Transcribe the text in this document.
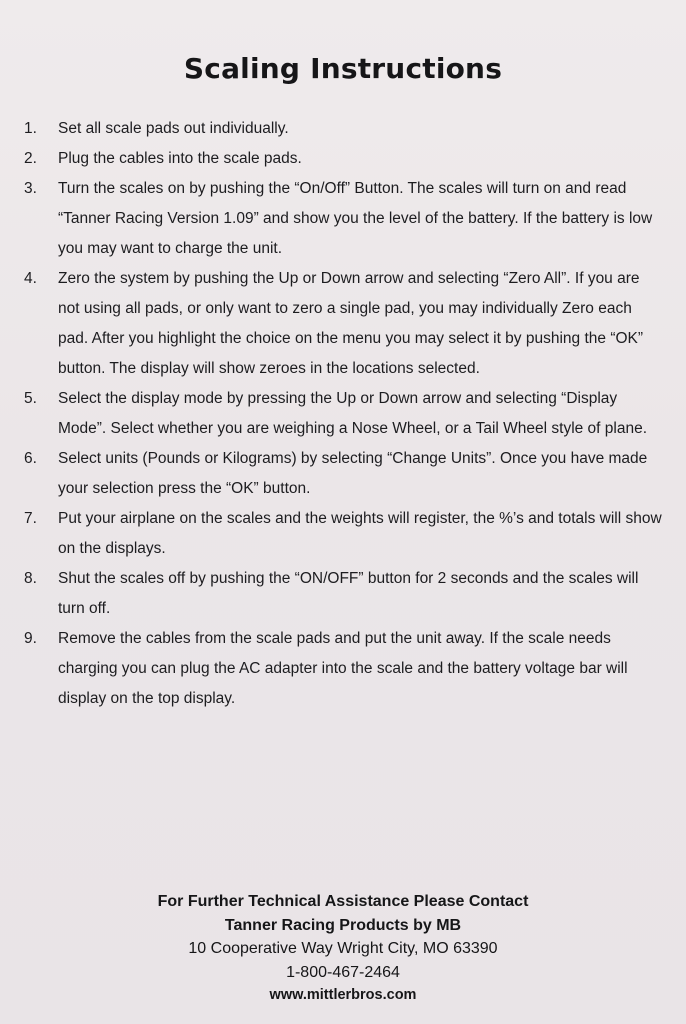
Scaling Instructions
1.	Set all scale pads out individually.
2.	Plug the cables into the scale pads.
3.	Turn the scales on by pushing the “On/Off” Button. The scales will turn on and read “Tanner Racing Version 1.09” and show you the level of the battery. If the battery is low you may want to charge the unit.
4.	Zero the system by pushing the Up or Down arrow and selecting “Zero All”. If you are not using all pads, or only want to zero a single pad, you may individually Zero each pad. After you highlight the choice on the menu you may select it by pushing the “OK” button. The display will show zeroes in the locations selected.
5.	Select the display mode by pressing the Up or Down arrow and selecting “Display Mode”. Select whether you are weighing a Nose Wheel, or a Tail Wheel style of plane.
6.	Select units (Pounds or Kilograms) by selecting “Change Units”. Once you have made your selection press the “OK” button.
7.	Put your airplane on the scales and the weights will register, the %’s and totals will show on the displays.
8.	Shut the scales off by pushing the “ON/OFF” button for 2 seconds and the scales will turn off.
9.	Remove the cables from the scale pads and put the unit away. If the scale needs charging you can plug the AC adapter into the scale and the battery voltage bar will display on the top display.
For Further Technical Assistance Please Contact
Tanner Racing Products by MB
10 Cooperative Way Wright City, MO 63390
1-800-467-2464
www.mittlerbros.com
